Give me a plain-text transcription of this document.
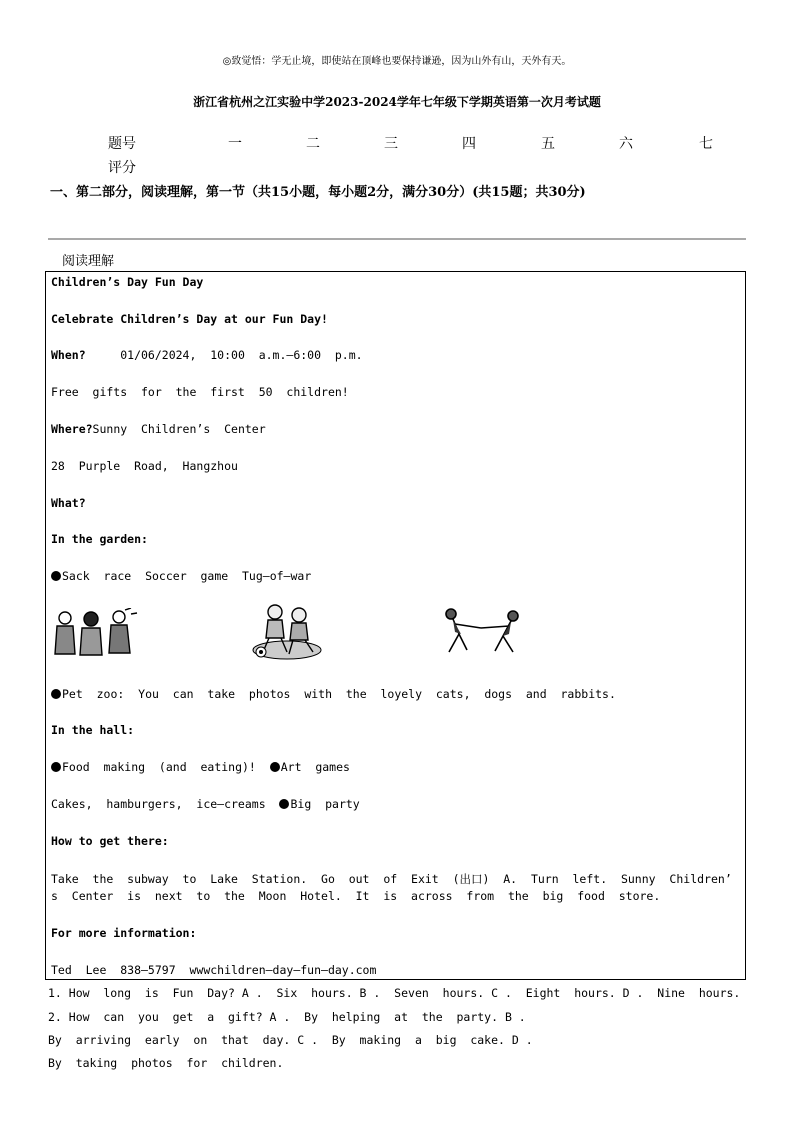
◎致觉悟：学无止境，即使站在顶峰也要保持谦逊，因为山外有山，天外有天。
浙江省杭州之江实验中学2023-2024学年七年级下学期英语第一次月考试题
题号	一	二	三	四	五	六	七
评分
一、第二部分，阅读理解，第一节（共15小题，每小题2分，满分30分）(共15题；共30分)
阅读理解
Children’s Day Fun Day
Celebrate Children’s Day at our Fun Day!
When?     01/06/2024,  10:00  a.m.—6:00  p.m.
Free  gifts  for  the  first  50  children!
Where?Sunny  Children’s  Center
28  Purple  Road,  Hangzhou
What?
In the garden:
Sack  race  Soccer  game  Tug—of—war
Pet  zoo:  You  can  take  photos  with  the  loyely  cats,  dogs  and  rabbits.
In the hall:
Food  making  (and  eating)!  Art  games
Cakes,  hamburgers,  ice—creams  Big  party
How to get there:
Take  the  subway  to  Lake  Station.  Go  out  of  Exit  (出口)  A.  Turn  left.  Sunny  Children’
s  Center  is  next  to  the  Moon  Hotel.  It  is  across  from  the  big  food  store.
For more information:
Ted  Lee  838—5797  wwwchildren—day—fun—day.com
1. How  long  is  Fun  Day? A .  Six  hours. B .  Seven  hours. C .  Eight  hours. D .  Nine  hours.
2. How  can  you  get  a  gift? A .  By  helping  at  the  party. B .
By  arriving  early  on  that  day. C .  By  making  a  big  cake. D .
By  taking  photos  for  children.
